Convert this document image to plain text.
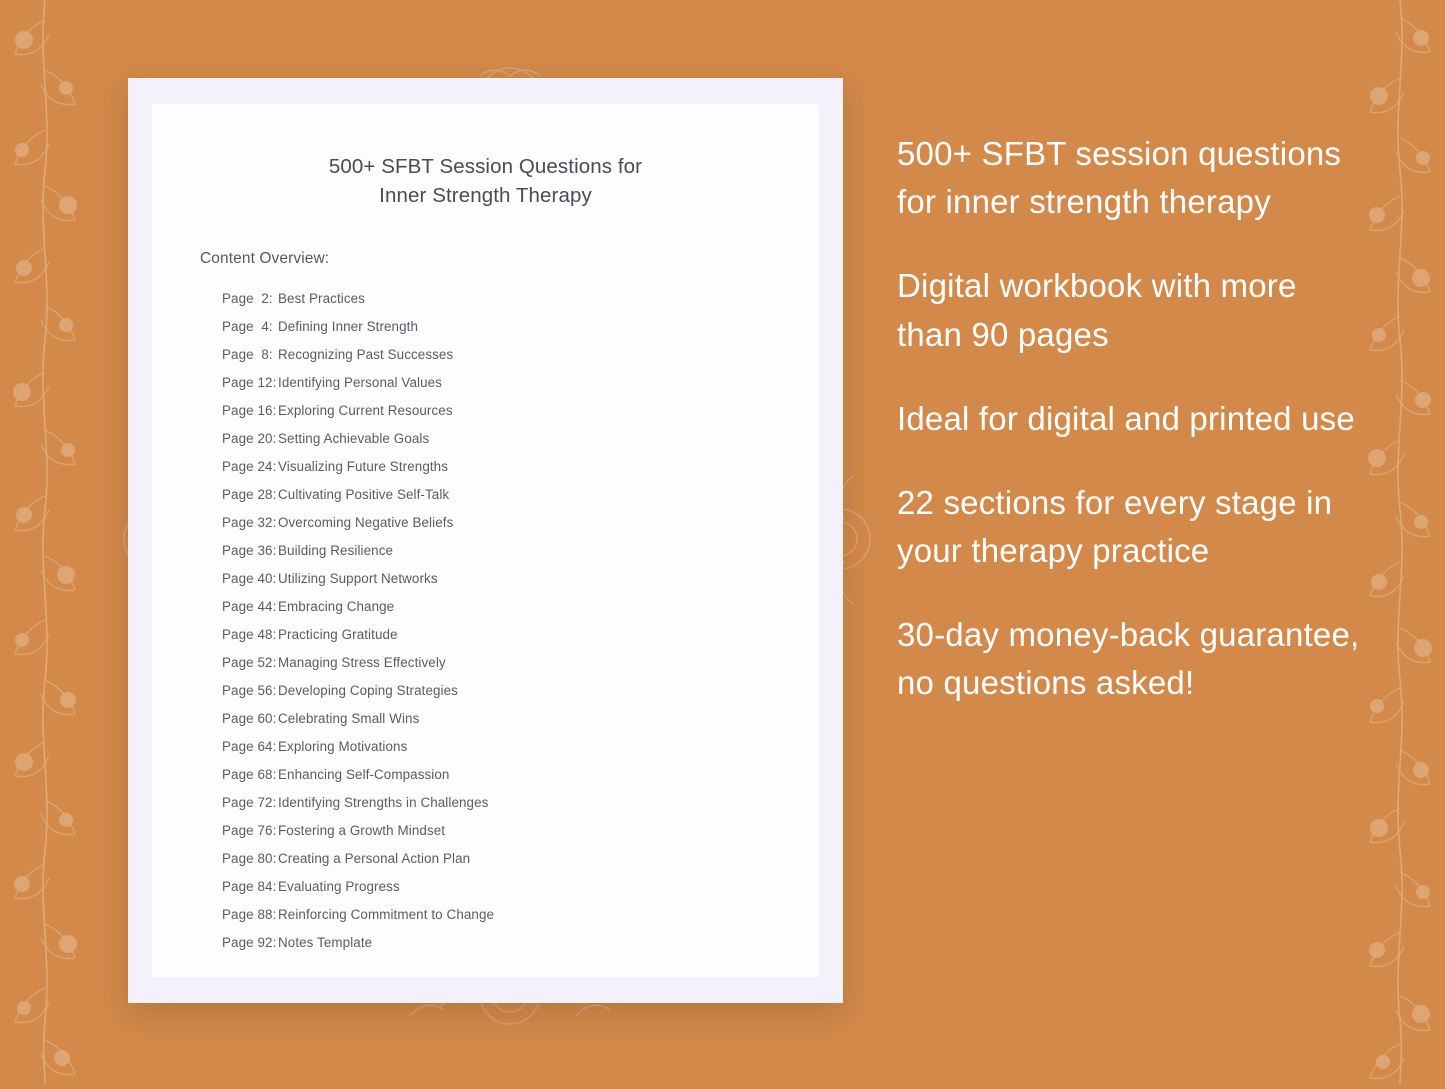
500+ SFBT Session Questions for
Inner Strength Therapy
Content Overview:
Page  2: Best Practices
Page  4: Defining Inner Strength
Page  8: Recognizing Past Successes
Page 12: Identifying Personal Values
Page 16: Exploring Current Resources
Page 20: Setting Achievable Goals
Page 24: Visualizing Future Strengths
Page 28: Cultivating Positive Self-Talk
Page 32: Overcoming Negative Beliefs
Page 36: Building Resilience
Page 40: Utilizing Support Networks
Page 44: Embracing Change
Page 48: Practicing Gratitude
Page 52: Managing Stress Effectively
Page 56: Developing Coping Strategies
Page 60: Celebrating Small Wins
Page 64: Exploring Motivations
Page 68: Enhancing Self-Compassion
Page 72: Identifying Strengths in Challenges
Page 76: Fostering a Growth Mindset
Page 80: Creating a Personal Action Plan
Page 84: Evaluating Progress
Page 88: Reinforcing Commitment to Change
Page 92: Notes Template
500+ SFBT session questions for inner strength therapy
Digital workbook with more than 90 pages
Ideal for digital and printed use
22 sections for every stage in your therapy practice
30-day money-back guarantee, no questions asked!
